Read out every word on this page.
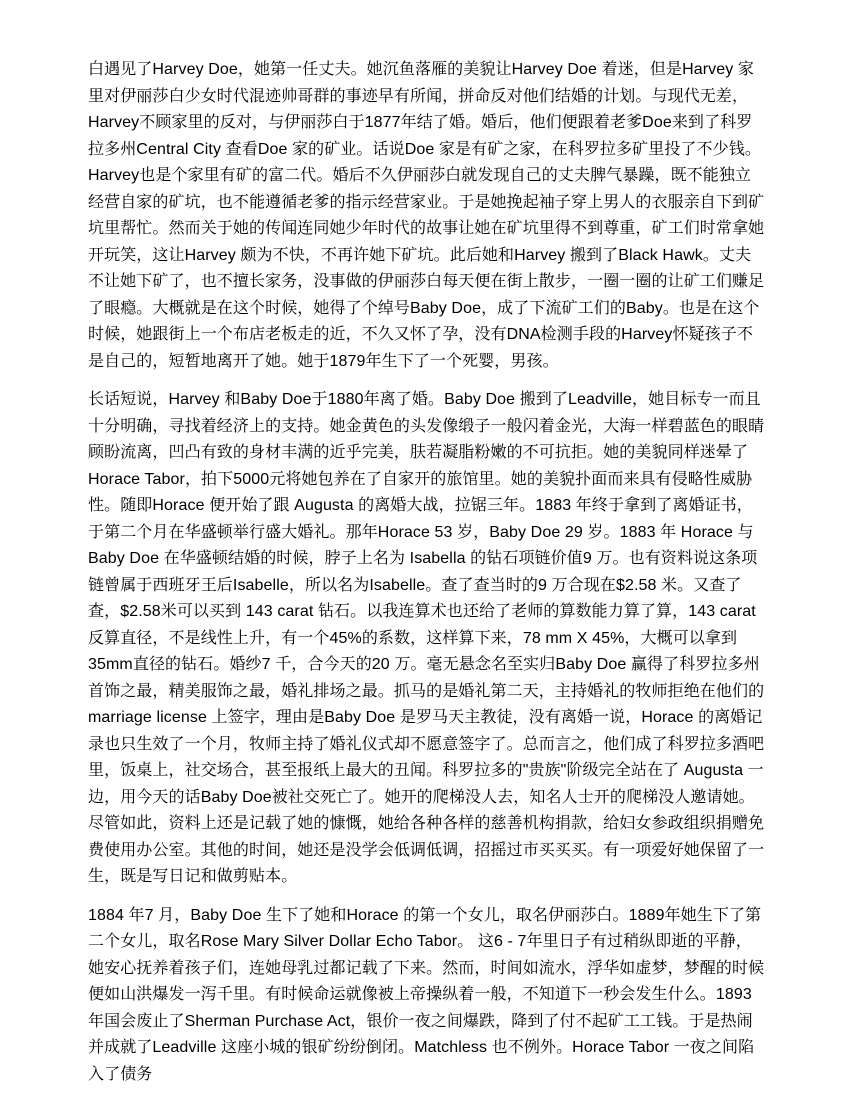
白遇见了Harvey Doe，她第一任丈夫。她沉鱼落雁的美貌让Harvey Doe 着迷，但是Harvey 家里对伊丽莎白少女时代混迹帅哥群的事迹早有所闻，拼命反对他们结婚的计划。与现代无差，Harvey不顾家里的反对，与伊丽莎白于1877年结了婚。婚后，他们便跟着老爹Doe来到了科罗拉多州Central City 查看Doe 家的矿业。话说Doe 家是有矿之家，在科罗拉多矿里投了不少钱。Harvey也是个家里有矿的富二代。婚后不久伊丽莎白就发现自己的丈夫脾气暴躁，既不能独立经营自家的矿坑，也不能遵循老爹的指示经营家业。于是她挽起袖子穿上男人的衣服亲自下到矿坑里帮忙。然而关于她的传闻连同她少年时代的故事让她在矿坑里得不到尊重，矿工们时常拿她开玩笑，这让Harvey 颇为不快，不再许她下矿坑。此后她和Harvey 搬到了Black Hawk。丈夫不让她下矿了，也不擅长家务，没事做的伊丽莎白每天便在街上散步，一圈一圈的让矿工们赚足了眼瘾。大概就是在这个时候，她得了个绰号Baby Doe，成了下流矿工们的Baby。也是在这个时候，她跟街上一个布店老板走的近，不久又怀了孕，没有DNA检测手段的Harvey怀疑孩子不是自己的，短暂地离开了她。她于1879年生下了一个死婴，男孩。

长话短说，Harvey 和Baby Doe于1880年离了婚。Baby Doe 搬到了Leadville，她目标专一而且十分明确，寻找着经济上的支持。她金黄色的头发像缎子一般闪着金光，大海一样碧蓝色的眼睛顾盼流离，凹凸有致的身材丰满的近乎完美，肤若凝脂粉嫩的不可抗拒。她的美貌同样迷晕了Horace Tabor，拍下5000元将她包养在了自家开的旅馆里。她的美貌扑面而来具有侵略性威胁性。随即Horace 便开始了跟 Augusta 的离婚大战，拉锯三年。1883 年终于拿到了离婚证书，于第二个月在华盛顿举行盛大婚礼。那年Horace 53 岁，Baby Doe 29 岁。1883 年 Horace 与 Baby Doe 在华盛顿结婚的时候，脖子上名为 Isabella 的钻石项链价值9 万。也有资料说这条项链曾属于西班牙王后Isabelle，所以名为Isabelle。查了查当时的9 万合现在$2.58 米。又查了查，$2.58米可以买到 143 carat 钻石。以我连算术也还给了老师的算数能力算了算，143 carat 反算直径，不是线性上升，有一个45%的系数，这样算下来，78 mm X 45%，大概可以拿到35mm直径的钻石。婚纱7 千，合今天的20 万。毫无悬念名至实归Baby Doe 赢得了科罗拉多州首饰之最，精美服饰之最，婚礼排场之最。抓马的是婚礼第二天，主持婚礼的牧师拒绝在他们的marriage license 上签字，理由是Baby Doe 是罗马天主教徒，没有离婚一说，Horace 的离婚记录也只生效了一个月，牧师主持了婚礼仪式却不愿意签字了。总而言之，他们成了科罗拉多酒吧里，饭桌上，社交场合，甚至报纸上最大的丑闻。科罗拉多的"贵族"阶级完全站在了 Augusta 一边，用今天的话Baby Doe被社交死亡了。她开的爬梯没人去，知名人士开的爬梯没人邀请她。尽管如此，资料上还是记载了她的慷慨，她给各种各样的慈善机构捐款，给妇女参政组织捐赠免费使用办公室。其他的时间，她还是没学会低调低调，招摇过市买买买。有一项爱好她保留了一生，既是写日记和做剪贴本。

1884 年7 月，Baby Doe 生下了她和Horace 的第一个女儿，取名伊丽莎白。1889年她生下了第二个女儿，取名Rose Mary Silver Dollar Echo Tabor。 这6 - 7年里日子有过稍纵即逝的平静，她安心抚养着孩子们，连她母乳过都记载了下来。然而，时间如流水，浮华如虚梦，梦醒的时候便如山洪爆发一泻千里。有时候命运就像被上帝操纵着一般，不知道下一秒会发生什么。1893 年国会废止了Sherman Purchase Act，银价一夜之间爆跌，降到了付不起矿工工钱。于是热闹并成就了Leadville 这座小城的银矿纷纷倒闭。Matchless 也不例外。Horace Tabor 一夜之间陷入了债务
